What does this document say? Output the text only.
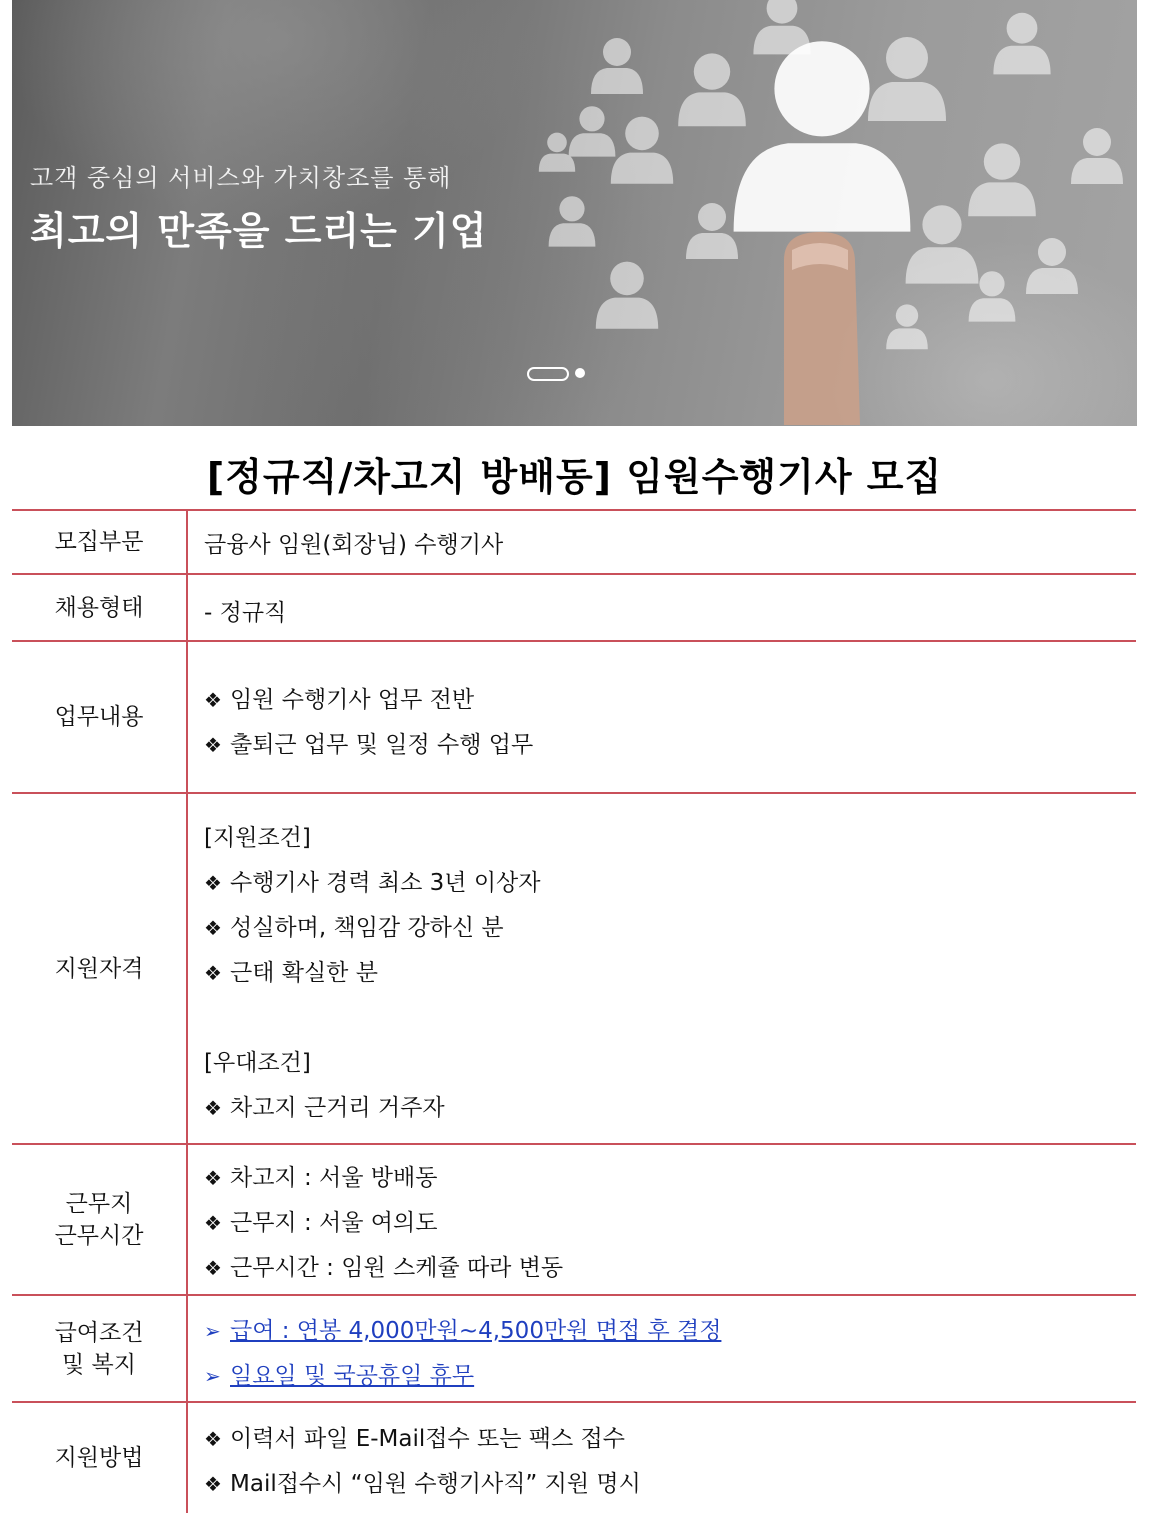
고객 중심의 서비스와 가치창조를 통해
최고의 만족을 드리는 기업
[정규직/차고지 방배동] 임원수행기사 모집
모집부문	금융사 임원(회장님) 수행기사
채용형태	- 정규직
업무내용
❖ 임원 수행기사 업무 전반
❖ 출퇴근 업무 및 일정 수행 업무
지원자격
[지원조건]
❖ 수행기사 경력 최소 3년 이상자
❖ 성실하며, 책임감 강하신 분
❖ 근태 확실한 분
[우대조건]
❖ 차고지 근거리 거주자
근무지
근무시간
❖ 차고지 : 서울 방배동
❖ 근무지 : 서울 여의도
❖ 근무시간 : 임원 스케쥴 따라 변동
급여조건
및 복지
➢ 급여 : 연봉 4,000만원~4,500만원 면접 후 결정
➢ 일요일 및 국공휴일 휴무
지원방법
❖ 이력서 파일 E-Mail접수 또는 팩스 접수
❖ Mail접수시 “임원 수행기사직” 지원 명시
